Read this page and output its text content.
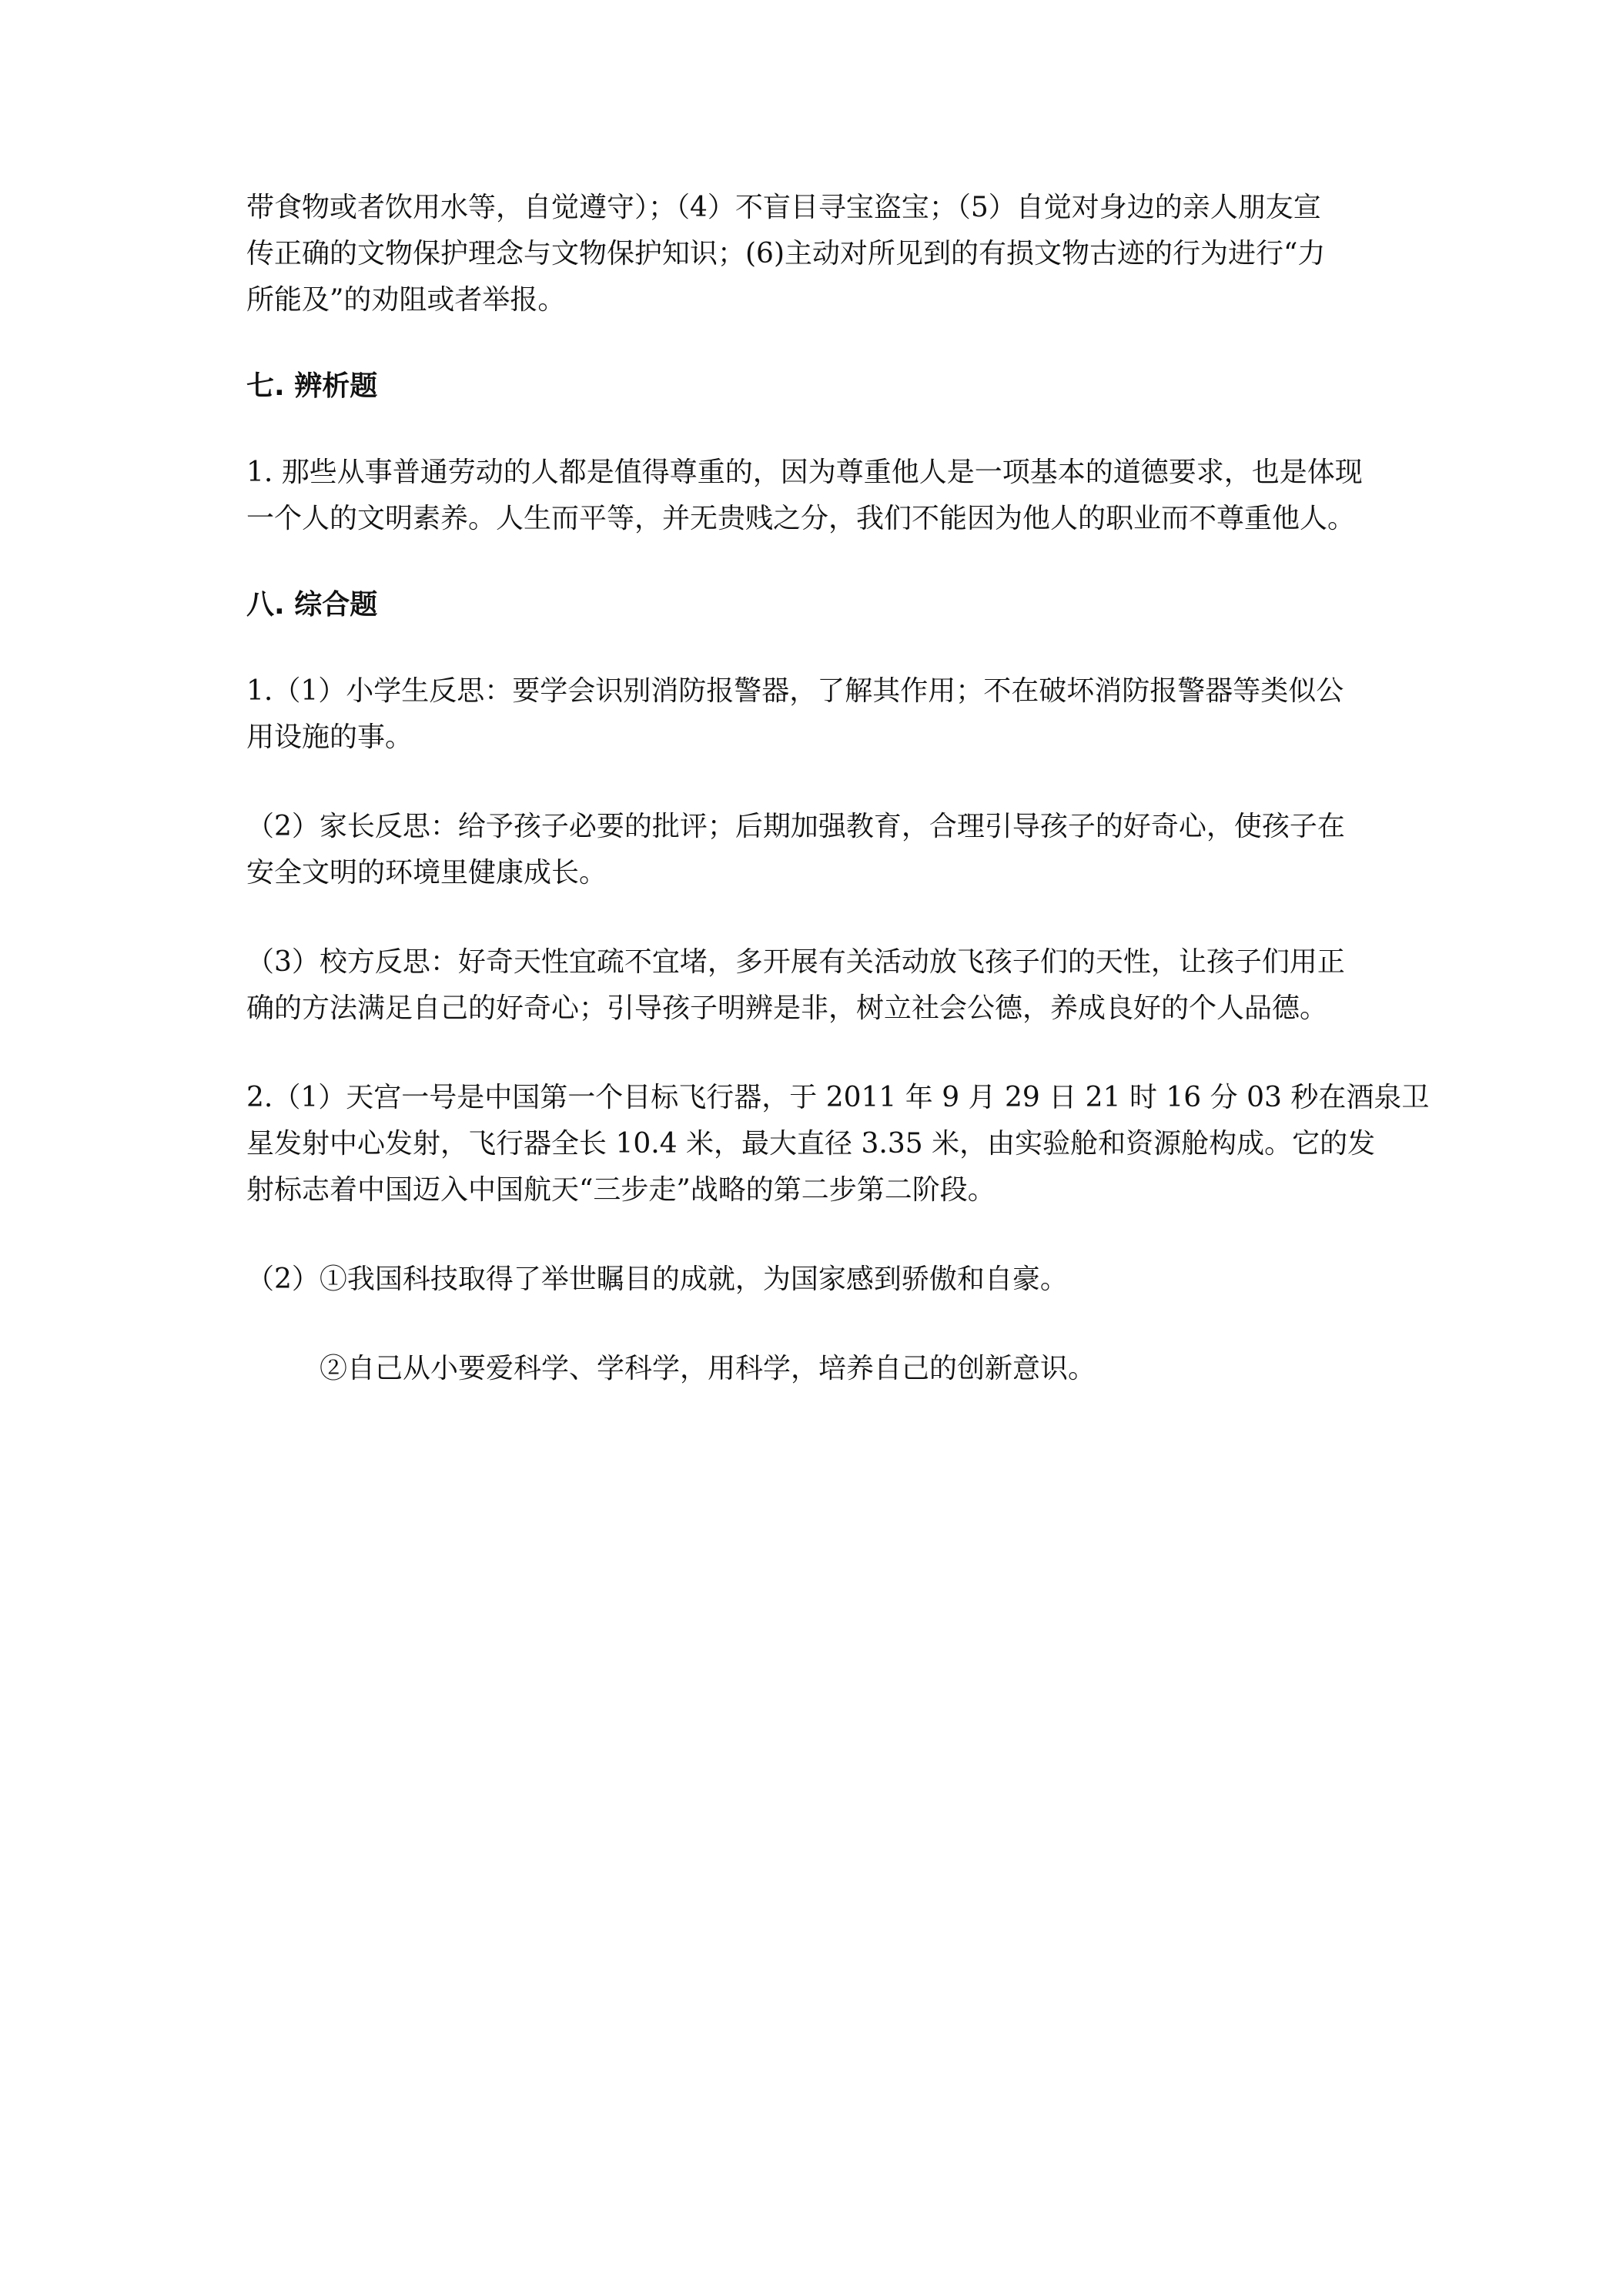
带食物或者饮用水等，自觉遵守）；（4）不盲目寻宝盗宝；（5）自觉对身边的亲人朋友宣
传正确的文物保护理念与文物保护知识；(6)主动对所见到的有损文物古迹的行为进行“力
所能及”的劝阻或者举报。

七. 辨析题

1. 那些从事普通劳动的人都是值得尊重的，因为尊重他人是一项基本的道德要求，也是体现
一个人的文明素养。人生而平等，并无贵贱之分，我们不能因为他人的职业而不尊重他人。

八. 综合题

1.（1）小学生反思：要学会识别消防报警器，了解其作用；不在破坏消防报警器等类似公
用设施的事。

（2）家长反思：给予孩子必要的批评；后期加强教育，合理引导孩子的好奇心，使孩子在
安全文明的环境里健康成长。

（3）校方反思：好奇天性宜疏不宜堵，多开展有关活动放飞孩子们的天性，让孩子们用正
确的方法满足自己的好奇心；引导孩子明辨是非，树立社会公德，养成良好的个人品德。

2.（1）天宫一号是中国第一个目标飞行器，于 2011 年 9 月 29 日 21 时 16 分 03 秒在酒泉卫
星发射中心发射，飞行器全长 10.4 米，最大直径 3.35 米，由实验舱和资源舱构成。它的发
射标志着中国迈入中国航天“三步走”战略的第二步第二阶段。

（2）①我国科技取得了举世瞩目的成就，为国家感到骄傲和自豪。

②自己从小要爱科学、学科学，用科学，培养自己的创新意识。
